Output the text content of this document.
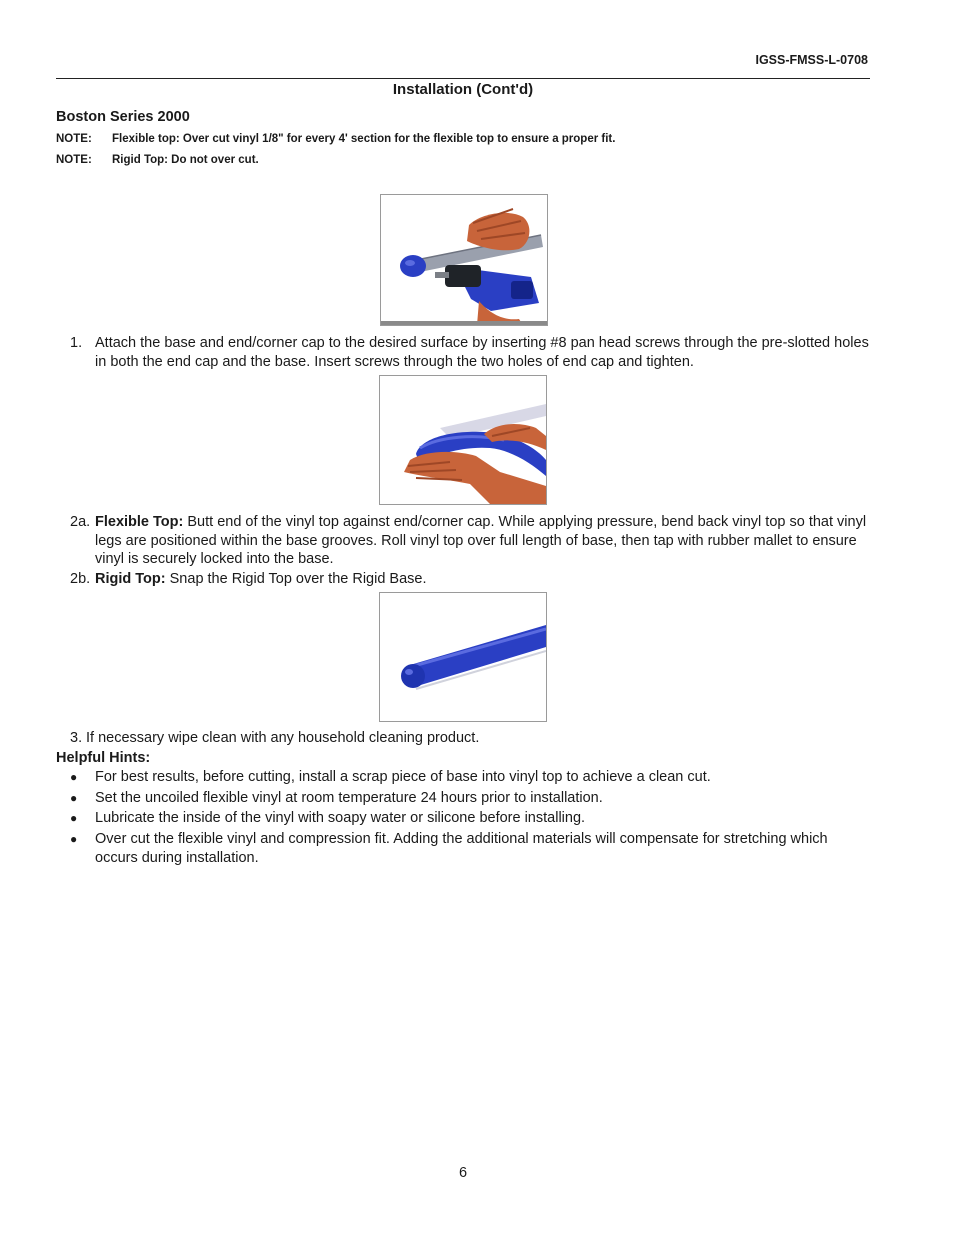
IGSS-FMSS-L-0708
Installation (Cont'd)
Boston Series 2000
NOTE: Flexible top: Over cut vinyl 1/8" for every 4' section for the flexible top to ensure a proper fit.
NOTE: Rigid Top: Do not over cut.
1. Attach the base and end/corner cap to the desired surface by inserting #8 pan head screws through the pre-slotted holes in both the end cap and the base. Insert screws through the two holes of end cap and tighten.
2a. Flexible Top: Butt end of the vinyl top against end/corner cap. While applying pressure, bend back vinyl top so that vinyl legs are positioned within the base grooves. Roll vinyl top over full length of base, then tap with rubber mallet to ensure vinyl is securely locked into the base.
2b. Rigid Top: Snap the Rigid Top over the Rigid Base.
3. If necessary wipe clean with any household cleaning product.
Helpful Hints:
● For best results, before cutting, install a scrap piece of base into vinyl top to achieve a clean cut.
● Set the uncoiled flexible vinyl at room temperature 24 hours prior to installation.
● Lubricate the inside of the vinyl with soapy water or silicone before installing.
● Over cut the flexible vinyl and compression fit. Adding the additional materials will compensate for stretching which occurs during installation.
6
